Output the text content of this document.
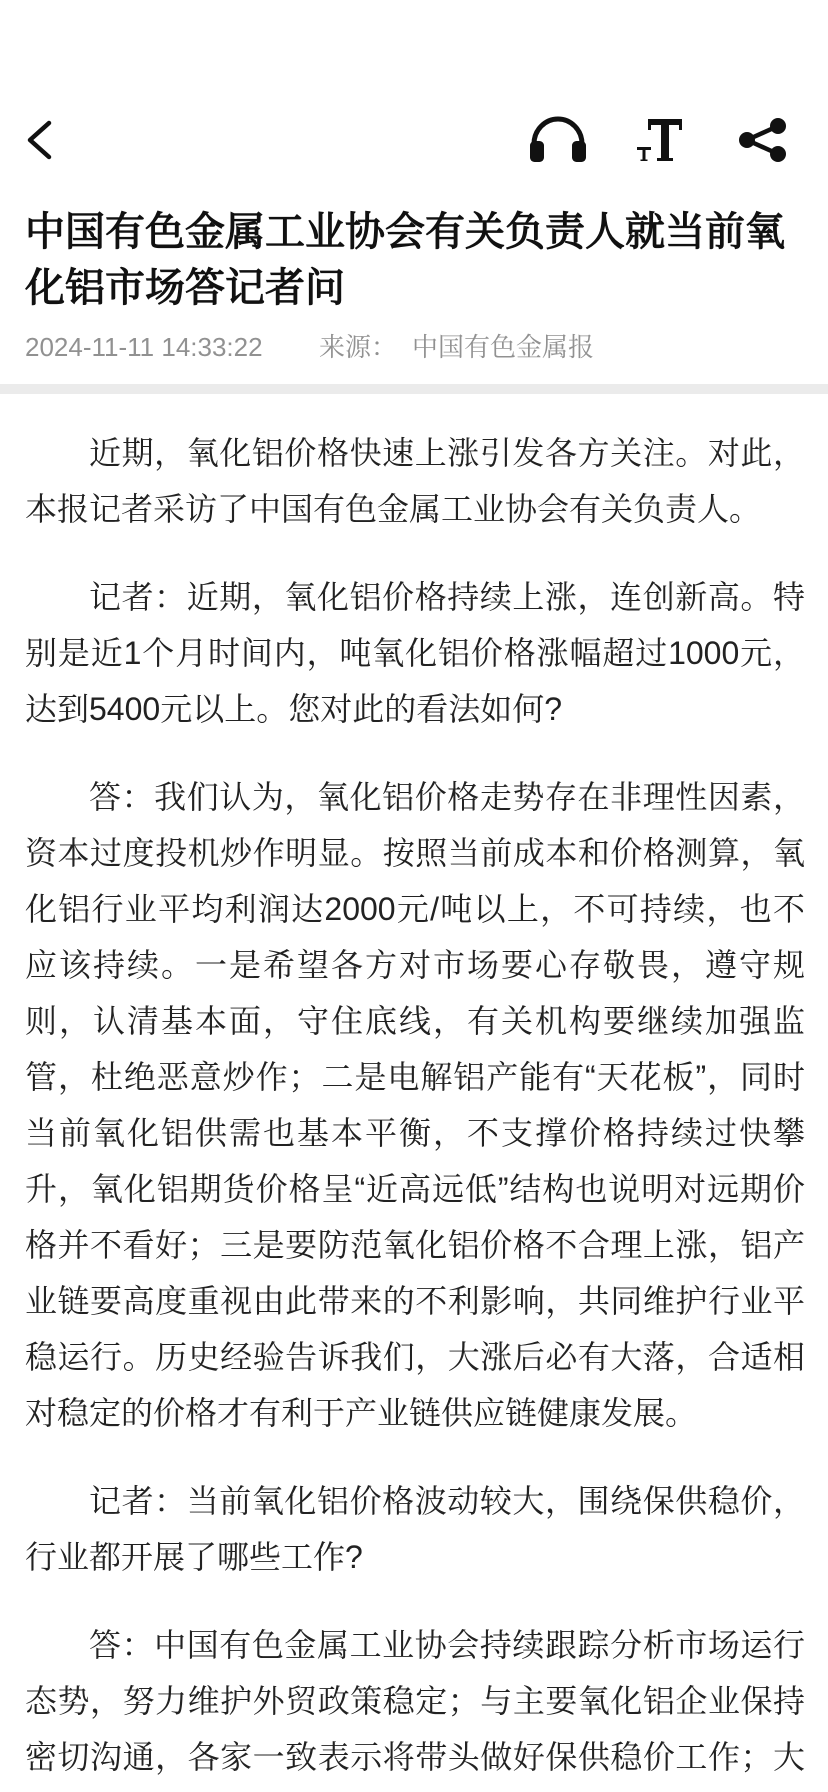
中国有色金属工业协会有关负责人就当前氧化铝市场答记者问
2024-11-11 14:33:22 来源： 中国有色金属报
近期，氧化铝价格快速上涨引发各方关注。对此，
本报记者采访了中国有色金属工业协会有关负责人。
记者：近期，氧化铝价格持续上涨，连创新高。特
别是近1个月时间内，吨氧化铝价格涨幅超过1000元，
达到5400元以上。您对此的看法如何?
答：我们认为，氧化铝价格走势存在非理性因素，
资本过度投机炒作明显。按照当前成本和价格测算，氧
化铝行业平均利润达2000元/吨以上，不可持续，也不
应该持续。一是希望各方对市场要心存敬畏，遵守规
则，认清基本面，守住底线，有关机构要继续加强监
管，杜绝恶意炒作；二是电解铝产能有“天花板”，同时
当前氧化铝供需也基本平衡，不支撑价格持续过快攀
升，氧化铝期货价格呈“近高远低”结构也说明对远期价
格并不看好；三是要防范氧化铝价格不合理上涨，铝产
业链要高度重视由此带来的不利影响，共同维护行业平
稳运行。历史经验告诉我们，大涨后必有大落，合适相
对稳定的价格才有利于产业链供应链健康发展。
记者：当前氧化铝价格波动较大，围绕保供稳价，
行业都开展了哪些工作?
答：中国有色金属工业协会持续跟踪分析市场运行
态势，努力维护外贸政策稳定；与主要氧化铝企业保持
密切沟通，各家一致表示将带头做好保供稳价工作；大
